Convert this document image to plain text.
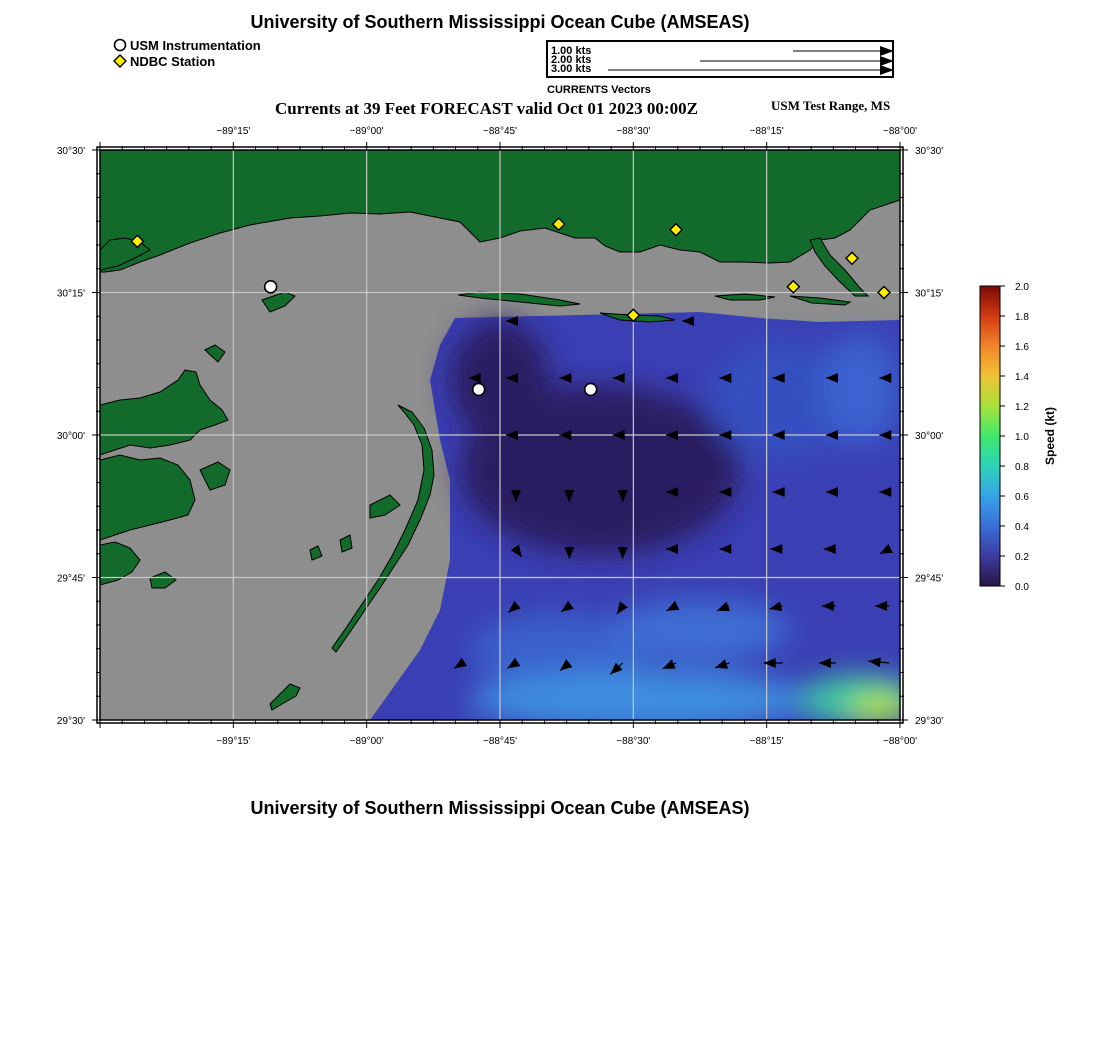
University of Southern Mississippi Ocean Cube (AMSEAS)
USM Instrumentation
NDBC Station
1.00 kts
2.00 kts
3.00 kts
CURRENTS Vectors
Currents at 39 Feet FORECAST valid Oct 01 2023 00:00Z	USM Test Range, MS
−89°15'
−89°15'
−89°00'
−89°00'
−88°45'
−88°45'
−88°30'
−88°30'
−88°15'
−88°15'
−88°00'
−88°00'
30°30'	30°30'
30°15'	30°15'
30°00'	30°00'
29°45'	29°45'
29°30'	29°30'
0.0
0.2
0.4
0.6
0.8
1.0
1.2
1.4
1.6
1.8
2.0
Speed (kt)
University of Southern Mississippi Ocean Cube (AMSEAS)
